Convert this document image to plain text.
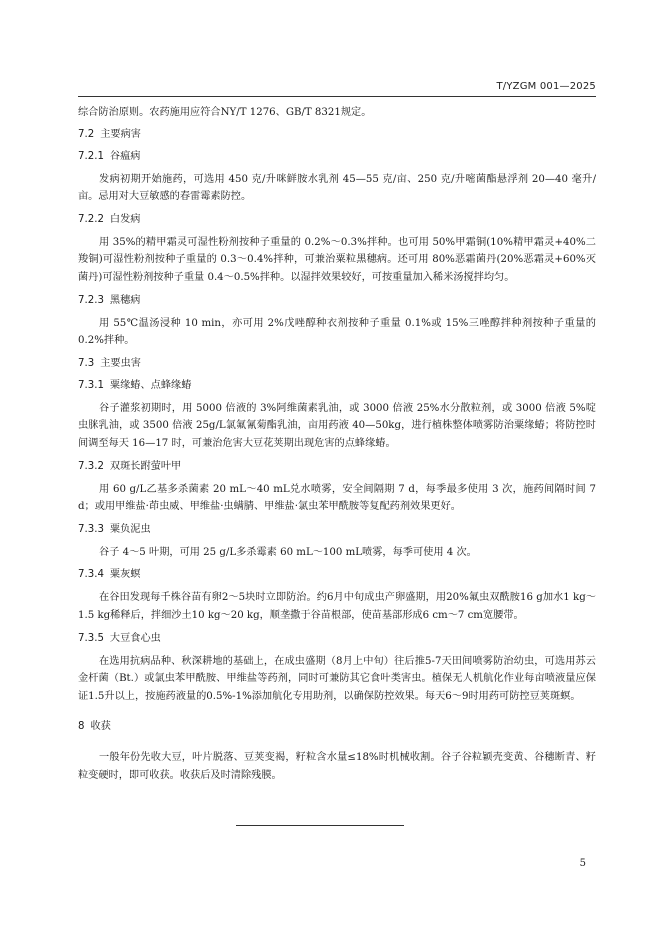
T/YZGM 001—2025

综合防治原则。农药施用应符合NY/T 1276、GB/T 8321规定。

7.2 主要病害
7.2.1 谷瘟病

发病初期开始施药，可选用 450 克/升咪鲜胺水乳剂 45—55 克/亩、250 克/升嘧菌酯悬浮剂 20—40 毫升/亩。忌用对大豆敏感的春雷霉素防控。

7.2.2 白发病

用 35%的精甲霜灵可湿性粉剂按种子重量的 0.2%～0.3%拌种。也可用 50%甲霜铜(10%精甲霜灵+40%二羧铜)可湿性粉剂按种子重量的 0.3～0.4%拌种，可兼治粟粒黑穗病。还可用 80%恶霜菌丹(20%恶霜灵+60%灭菌丹)可湿性粉剂按种子重量 0.4～0.5%拌种。以湿拌效果较好，可按重量加入稀米汤搅拌均匀。

7.2.3 黑穗病

用 55℃温汤浸种 10 min，亦可用 2%戊唑醇种衣剂按种子重量 0.1%或 15%三唑醇拌种剂按种子重量的 0.2%拌种。

7.3 主要虫害
7.3.1 粟缘蝽、点蜂缘蝽

谷子灌浆初期时，用 5000 倍液的 3%阿维菌素乳油，或 3000 倍液 25%水分散粒剂，或 3000 倍液 5%啶虫脒乳油，或 3500 倍液 25g/L氯氟氰菊酯乳油，亩用药液 40—50kg，进行植株整体喷雾防治粟缘蝽；将防控时间调至每天 16—17 时，可兼治危害大豆花荚期出现危害的点蜂缘蝽。

7.3.2 双斑长跗萤叶甲

用 60 g/L乙基多杀菌素 20 mL～40 mL兑水喷雾，安全间隔期 7 d，每季最多使用 3 次，施药间隔时间 7 d；或用甲维盐·茚虫威、甲维盐·虫螨腈、甲维盐·氯虫苯甲酰胺等复配药剂效果更好。

7.3.3 粟负泥虫

谷子 4～5 叶期，可用 25 g/L多杀霉素 60 mL～100 mL喷雾，每季可使用 4 次。

7.3.4 粟灰螟

在谷田发现每千株谷苗有卵2～5块时立即防治。约6月中旬成虫产卵盛期，用20%氟虫双酰胺16 g加水1 kg～1.5 kg稀释后，拌细沙土10 kg～20 kg，顺垄撒于谷苗根部，使苗基部形成6 cm～7 cm宽腰带。

7.3.5 大豆食心虫

在选用抗病品种、秋深耕地的基础上，在成虫盛期（8月上中旬）往后推5-7天田间喷雾防治幼虫，可选用苏云金杆菌（Bt.）或氯虫苯甲酰胺、甲维盐等药剂，同时可兼防其它食叶类害虫。植保无人机航化作业每亩喷液量应保证1.5升以上，按施药液量的0.5%-1%添加航化专用助剂，以确保防控效果。每天6～9时用药可防控豆荚斑螟。

8 收获

一般年份先收大豆，叶片脱落、豆荚变褐，籽粒含水量≤18%时机械收割。谷子谷粒颖壳变黄、谷穗断青、籽粒变硬时，即可收获。收获后及时清除残膜。

5
